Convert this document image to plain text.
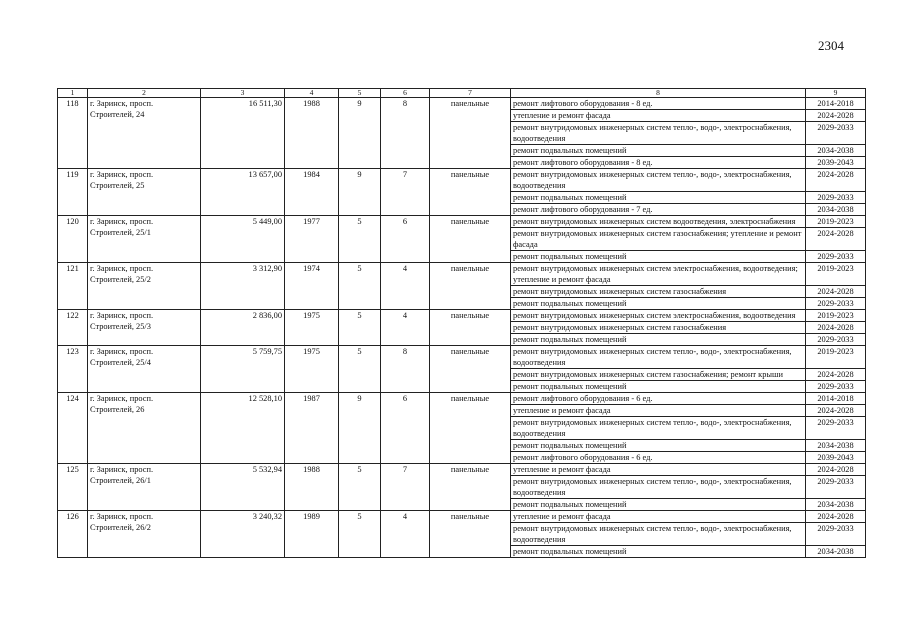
2304
1	2	3	4	5	6	7	8	9
118	г. Заринск, просп. Строителей, 24	16 511,30	1988	9	8	панельные	ремонт лифтового оборудования - 8 ед.	2014-2018
							утепление и ремонт фасада	2024-2028
							ремонт внутридомовых инженерных систем тепло-, водо-, электроснабжения, водоотведения	2029-2033
							ремонт подвальных помещений	2034-2038
							ремонт лифтового оборудования - 8 ед.	2039-2043
119	г. Заринск, просп. Строителей, 25	13 657,00	1984	9	7	панельные	ремонт внутридомовых инженерных систем тепло-, водо-, электроснабжения, водоотведения	2024-2028
							ремонт подвальных помещений	2029-2033
							ремонт лифтового оборудования - 7 ед.	2034-2038
120	г. Заринск, просп. Строителей, 25/1	5 449,00	1977	5	6	панельные	ремонт внутридомовых инженерных систем водоотведения, электроснабжения	2019-2023
							ремонт внутридомовых инженерных систем газоснабжения; утепление и ремонт фасада	2024-2028
							ремонт подвальных помещений	2029-2033
121	г. Заринск, просп. Строителей, 25/2	3 312,90	1974	5	4	панельные	ремонт внутридомовых инженерных систем электроснабжения, водоотведения; утепление и ремонт фасада	2019-2023
							ремонт внутридомовых инженерных систем газоснабжения	2024-2028
							ремонт подвальных помещений	2029-2033
122	г. Заринск, просп. Строителей, 25/3	2 836,00	1975	5	4	панельные	ремонт внутридомовых инженерных систем электроснабжения, водоотведения	2019-2023
							ремонт внутридомовых инженерных систем газоснабжения	2024-2028
							ремонт подвальных помещений	2029-2033
123	г. Заринск, просп. Строителей, 25/4	5 759,75	1975	5	8	панельные	ремонт внутридомовых инженерных систем тепло-, водо-, электроснабжения, водоотведения	2019-2023
							ремонт внутридомовых инженерных систем газоснабжения; ремонт крыши	2024-2028
							ремонт подвальных помещений	2029-2033
124	г. Заринск, просп. Строителей, 26	12 528,10	1987	9	6	панельные	ремонт лифтового оборудования - 6 ед.	2014-2018
							утепление и ремонт фасада	2024-2028
							ремонт внутридомовых инженерных систем тепло-, водо-, электроснабжения, водоотведения	2029-2033
							ремонт подвальных помещений	2034-2038
							ремонт лифтового оборудования - 6 ед.	2039-2043
125	г. Заринск, просп. Строителей, 26/1	5 532,94	1988	5	7	панельные	утепление и ремонт фасада	2024-2028
							ремонт внутридомовых инженерных систем тепло-, водо-, электроснабжения, водоотведения	2029-2033
							ремонт подвальных помещений	2034-2038
126	г. Заринск, просп. Строителей, 26/2	3 240,32	1989	5	4	панельные	утепление и ремонт фасада	2024-2028
							ремонт внутридомовых инженерных систем тепло-, водо-, электроснабжения, водоотведения	2029-2033
							ремонт подвальных помещений	2034-2038
